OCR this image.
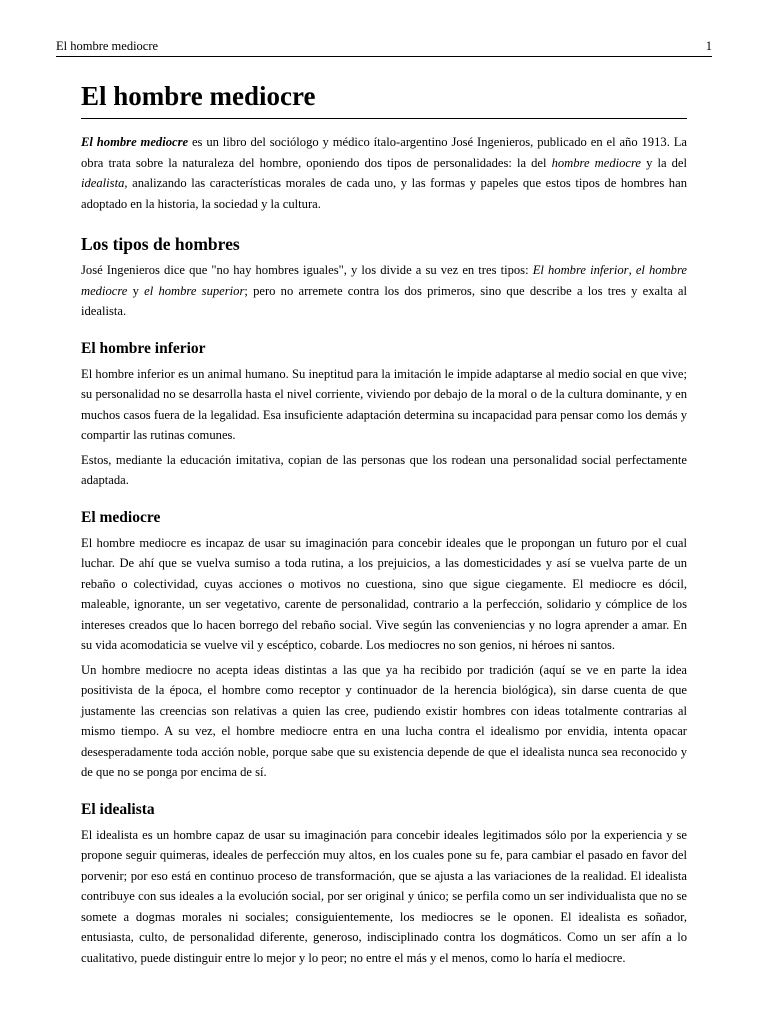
El hombre mediocre	1
El hombre mediocre

El hombre mediocre es un libro del sociólogo y médico ítalo-argentino José Ingenieros, publicado en el año 1913. La obra trata sobre la naturaleza del hombre, oponiendo dos tipos de personalidades: la del hombre mediocre y la del idealista, analizando las características morales de cada uno, y las formas y papeles que estos tipos de hombres han adoptado en la historia, la sociedad y la cultura.

Los tipos de hombres

José Ingenieros dice que "no hay hombres iguales", y los divide a su vez en tres tipos: El hombre inferior, el hombre mediocre y el hombre superior; pero no arremete contra los dos primeros, sino que describe a los tres y exalta al idealista.

El hombre inferior

El hombre inferior es un animal humano. Su ineptitud para la imitación le impide adaptarse al medio social en que vive; su personalidad no se desarrolla hasta el nivel corriente, viviendo por debajo de la moral o de la cultura dominante, y en muchos casos fuera de la legalidad. Esa insuficiente adaptación determina su incapacidad para pensar como los demás y compartir las rutinas comunes.

Estos, mediante la educación imitativa, copian de las personas que los rodean una personalidad social perfectamente adaptada.

El mediocre

El hombre mediocre es incapaz de usar su imaginación para concebir ideales que le propongan un futuro por el cual luchar. De ahí que se vuelva sumiso a toda rutina, a los prejuicios, a las domesticidades y así se vuelva parte de un rebaño o colectividad, cuyas acciones o motivos no cuestiona, sino que sigue ciegamente. El mediocre es dócil, maleable, ignorante, un ser vegetativo, carente de personalidad, contrario a la perfección, solidario y cómplice de los intereses creados que lo hacen borrego del rebaño social. Vive según las conveniencias y no logra aprender a amar. En su vida acomodaticia se vuelve vil y escéptico, cobarde. Los mediocres no son genios, ni héroes ni santos.

Un hombre mediocre no acepta ideas distintas a las que ya ha recibido por tradición (aquí se ve en parte la idea positivista de la época, el hombre como receptor y continuador de la herencia biológica), sin darse cuenta de que justamente las creencias son relativas a quien las cree, pudiendo existir hombres con ideas totalmente contrarias al mismo tiempo. A su vez, el hombre mediocre entra en una lucha contra el idealismo por envidia, intenta opacar desesperadamente toda acción noble, porque sabe que su existencia depende de que el idealista nunca sea reconocido y de que no se ponga por encima de sí.

El idealista

El idealista es un hombre capaz de usar su imaginación para concebir ideales legitimados sólo por la experiencia y se propone seguir quimeras, ideales de perfección muy altos, en los cuales pone su fe, para cambiar el pasado en favor del porvenir; por eso está en continuo proceso de transformación, que se ajusta a las variaciones de la realidad. El idealista contribuye con sus ideales a la evolución social, por ser original y único; se perfila como un ser individualista que no se somete a dogmas morales ni sociales; consiguientemente, los mediocres se le oponen. El idealista es soñador, entusiasta, culto, de personalidad diferente, generoso, indisciplinado contra los dogmáticos. Como un ser afín a lo cualitativo, puede distinguir entre lo mejor y lo peor; no entre el más y el menos, como lo haría el mediocre.
